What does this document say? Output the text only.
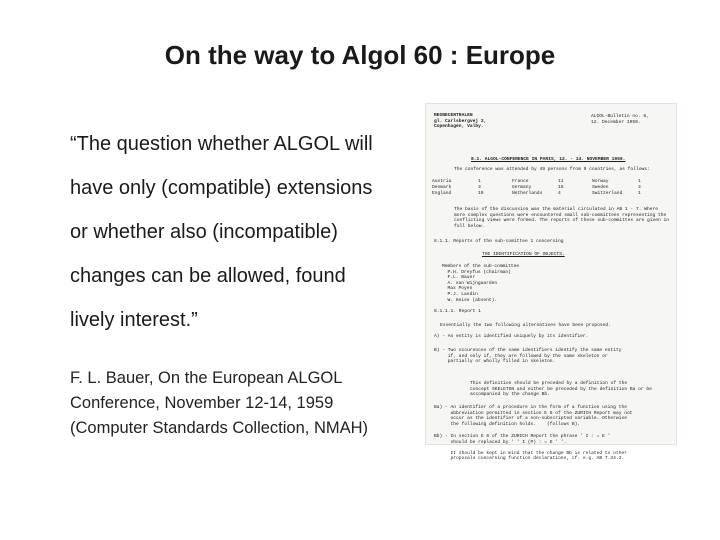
On the way to Algol 60 : Europe
“The question whether ALGOL will
have only (compatible) extensions
or whether also (incompatible)
changes can be allowed, found
lively interest.”
F. L. Bauer, On the European ALGOL
Conference, November 12-14, 1959
(Computer Standards Collection, NMAH)
REGNECENTRALEN
gl. Carlsbergvej 2,
Copenhagen, Valby.
ALGOL-Bulletin no. 8,
12. December 1959.
8.1. ALGOL-CONFERENCE IN PARIS, 12. - 14. NOVEMBER 1959.
The conference was attended by 49 persons from 9 countries, as follows:
Austria	1	France	11	Norway	1
Denmark	3	Germany	15	Sweden	3
England	10	Netherlands	4	Switzerland	1
The basis of the discussion was the material circulated in AB 1 - 7. Where
more complex questions were encountered small sub-committees representing the
conflicting views were formed. The reports of these sub-committes are given in
full below.
8.1.1. Reports of the sub-comittee 1 concerning
THE IDENTIFICATION OF OBJECTS.
Members of the sub-committee
P.H. Dreyfus (chairman)
F.L. Bauer
A. van Wijngaarden
Max Poyen
P.J. Landin
W. Heise (absent).
8.1.1.1. Report 1
Essentially the two following alternatives have been proposed.
A) - An entity is identified uniquely by its identifier.
B) - Two occurences of the same identifiers identify the same entity
if, and only if, they are followed by the same skeleton or
partially or wholly filled in skeleton.
This definition should be preceded by a definition of the
concept SKELETON and either be preceded by the definition Ba or be
accompanied by the change Bb.
Ba) - An identifier of a procedure in the form of a function using the
abbreviation permitted in section E 6 of the ZURICH Report may not
occur as the identifier of a non-subscripted variable. Otherwise
the following definition holds.    (follows B).
Bb) - In section E 6 of the ZURICH Report the phrase ' I : = E '
should be replaced by ' ' I (P) : = E ' '.

It should be kept in mind that the change Bb is related to other
proposals concerning function declarations, cf. e.g. AB 7.34.2.
